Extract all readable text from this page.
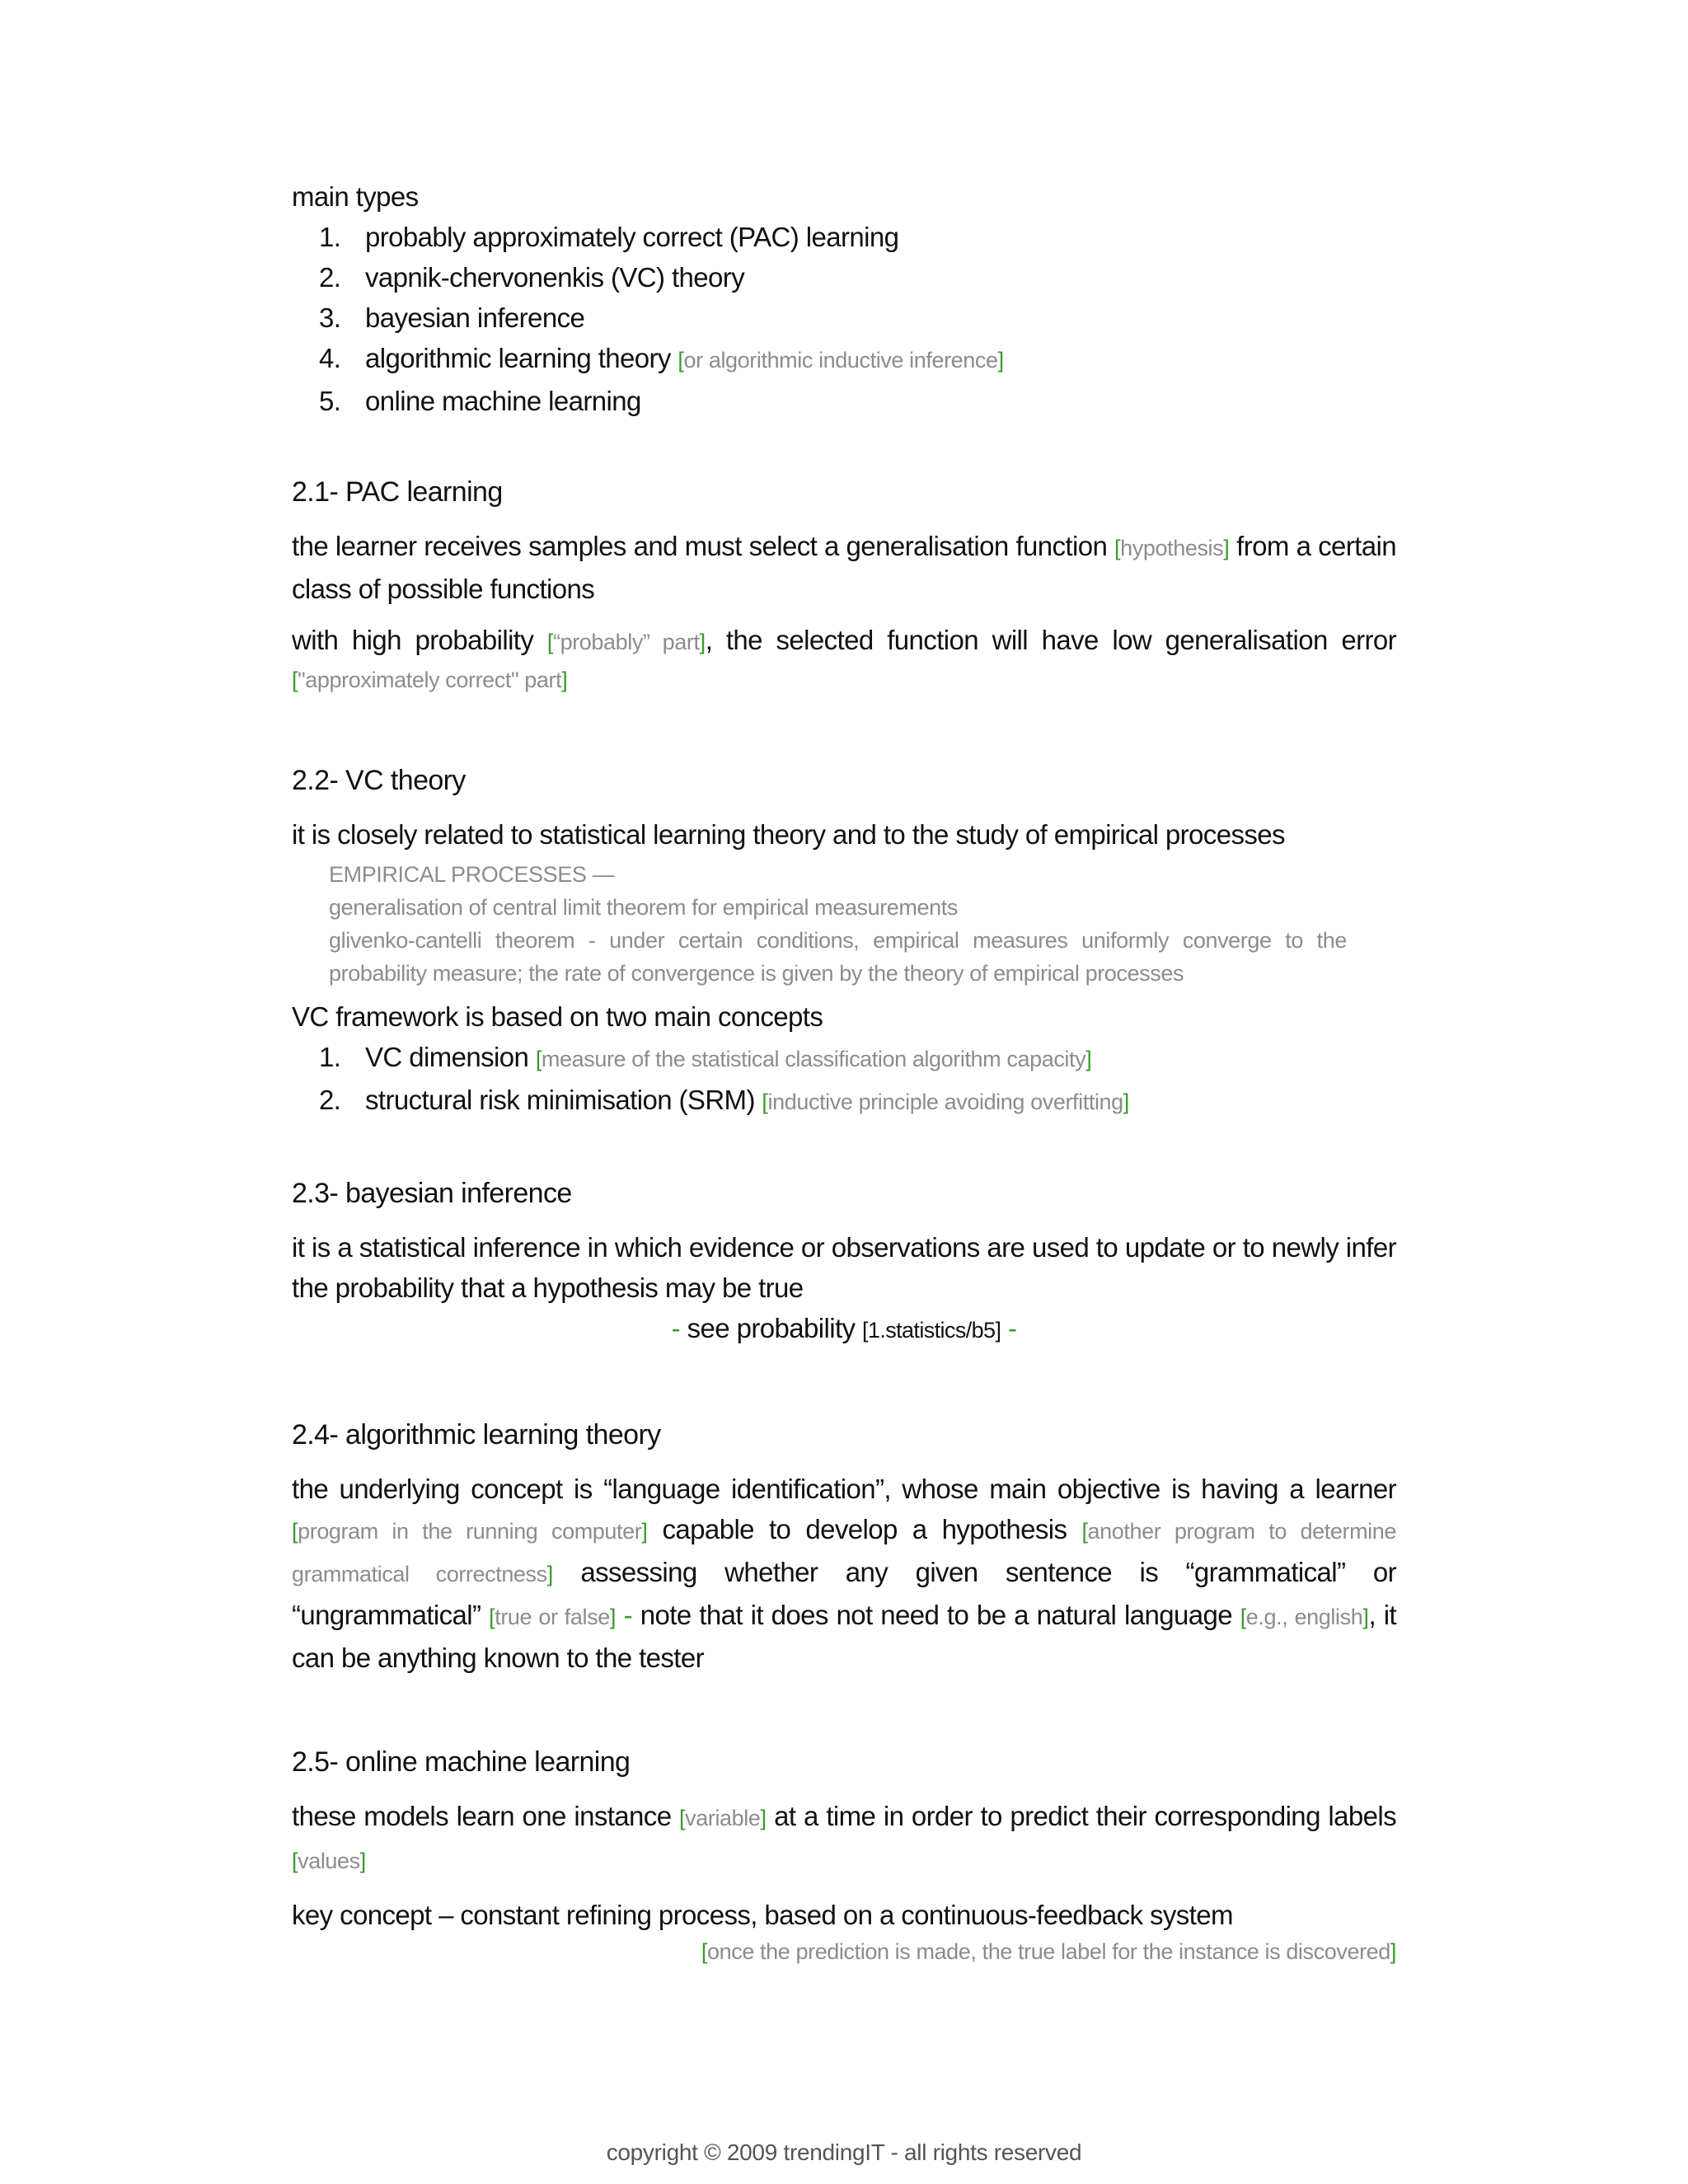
main types
1. probably approximately correct (PAC) learning
2. vapnik-chervonenkis (VC) theory
3. bayesian inference
4. algorithmic learning theory [or algorithmic inductive inference]
5. online machine learning
2.1- PAC learning
the learner receives samples and must select a generalisation function [hypothesis] from a certain class of possible functions
with high probability [“probably” part], the selected function will have low generalisation error ["approximately correct" part]
2.2- VC theory
it is closely related to statistical learning theory and to the study of empirical processes
EMPIRICAL PROCESSES —
generalisation of central limit theorem for empirical measurements
glivenko-cantelli theorem - under certain conditions, empirical measures uniformly converge to the probability measure; the rate of convergence is given by the theory of empirical processes
VC framework is based on two main concepts
1. VC dimension [measure of the statistical classification algorithm capacity]
2. structural risk minimisation (SRM) [inductive principle avoiding overfitting]
2.3- bayesian inference
it is a statistical inference in which evidence or observations are used to update or to newly infer the probability that a hypothesis may be true
- see probability [1.statistics/b5] -
2.4- algorithmic learning theory
the underlying concept is “language identification”, whose main objective is having a learner [program in the running computer] capable to develop a hypothesis [another program to determine grammatical correctness] assessing whether any given sentence is “grammatical” or “ungrammatical” [true or false] - note that it does not need to be a natural language [e.g., english], it can be anything known to the tester
2.5- online machine learning
these models learn one instance [variable] at a time in order to predict their corresponding labels [values]
key concept – constant refining process, based on a continuous-feedback system
[once the prediction is made, the true label for the instance is discovered]
copyright © 2009 trendingIT - all rights reserved
